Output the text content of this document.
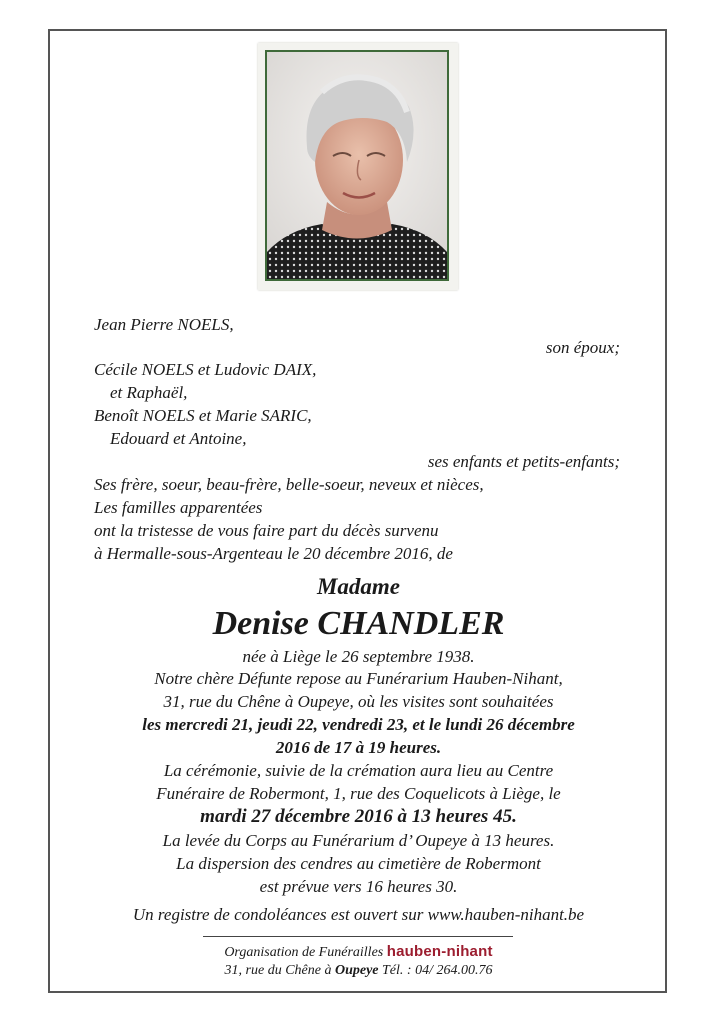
Jean Pierre NOELS,
son époux;
Cécile NOELS et Ludovic DAIX,
et Raphaël,
Benoît NOELS et Marie SARIC,
Edouard et Antoine,
ses enfants et petits-enfants;
Ses frère, soeur, beau-frère, belle-soeur, neveux et nièces,
Les familles apparentées
ont la tristesse de vous faire part du décès survenu
à Hermalle-sous-Argenteau le 20 décembre 2016, de
Madame
Denise CHANDLER
née à Liège le 26 septembre 1938.
Notre chère Défunte repose au Funérarium Hauben-Nihant,
31, rue du Chêne à Oupeye, où les visites sont souhaitées
les mercredi 21, jeudi 22, vendredi 23, et le lundi 26 décembre
2016 de 17 à 19 heures.
La cérémonie, suivie de la crémation aura lieu au Centre
Funéraire de Robermont, 1, rue des Coquelicots à Liège, le
mardi 27 décembre 2016 à 13 heures 45.
La levée du Corps au Funérarium d’ Oupeye à 13 heures.
La dispersion des cendres au cimetière de Robermont
est prévue vers 16 heures 30.
Un registre de condoléances est ouvert sur www.hauben-nihant.be
Organisation de Funérailles hauben-nihant
31, rue du Chêne à Oupeye Tél. : 04/ 264.00.76
